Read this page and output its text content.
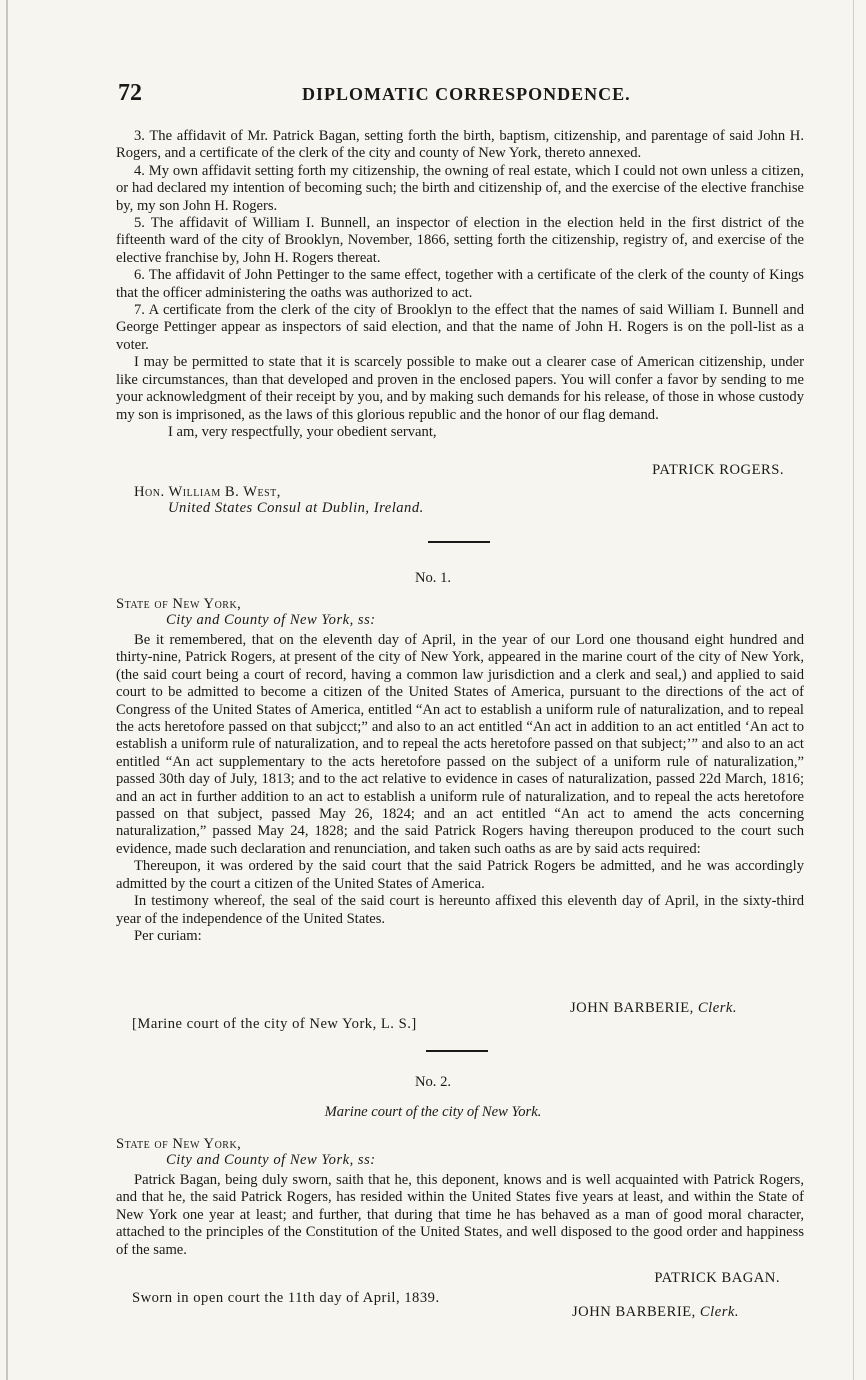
72	DIPLOMATIC CORRESPONDENCE.

3. The affidavit of Mr. Patrick Bagan, setting forth the birth, baptism, citizenship, and parentage of said John H. Rogers, and a certificate of the clerk of the city and county of New York, thereto annexed.

4. My own affidavit setting forth my citizenship, the owning of real estate, which I could not own unless a citizen, or had declared my intention of becoming such; the birth and citizenship of, and the exercise of the elective franchise by, my son John H. Rogers.

5. The affidavit of William I. Bunnell, an inspector of election in the election held in the first district of the fifteenth ward of the city of Brooklyn, November, 1866, setting forth the citizenship, registry of, and exercise of the elective franchise by, John H. Rogers thereat.

6. The affidavit of John Pettinger to the same effect, together with a certificate of the clerk of the county of Kings that the officer administering the oaths was authorized to act.

7. A certificate from the clerk of the city of Brooklyn to the effect that the names of said William I. Bunnell and George Pettinger appear as inspectors of said election, and that the name of John H. Rogers is on the poll-list as a voter.

I may be permitted to state that it is scarcely possible to make out a clearer case of American citizenship, under like circumstances, than that developed and proven in the enclosed papers. You will confer a favor by sending to me your acknowledgment of their receipt by you, and by making such demands for his release, of those in whose custody my son is imprisoned, as the laws of this glorious republic and the honor of our flag demand.

I am, very respectfully, your obedient servant,

PATRICK ROGERS.
Hon. William B. West,
United States Consul at Dublin, Ireland.
No. 1.
State of New York,
City and County of New York, ss:

Be it remembered, that on the eleventh day of April, in the year of our Lord one thousand eight hundred and thirty-nine, Patrick Rogers, at present of the city of New York, appeared in the marine court of the city of New York, (the said court being a court of record, having a common law jurisdiction and a clerk and seal,) and applied to said court to be admitted to become a citizen of the United States of America, pursuant to the directions of the act of Congress of the United States of America, entitled “An act to establish a uniform rule of naturalization, and to repeal the acts heretofore passed on that subjcct;” and also to an act entitled “An act in addition to an act entitled ‘An act to establish a uniform rule of naturalization, and to repeal the acts heretofore passed on that subject;’” and also to an act entitled “An act supplementary to the acts heretofore passed on the subject of a uniform rule of naturalization,” passed 30th day of July, 1813; and to the act relative to evidence in cases of naturalization, passed 22d March, 1816; and an act in further addition to an act to establish a uniform rule of naturalization, and to repeal the acts heretofore passed on that subject, passed May 26, 1824; and an act entitled “An act to amend the acts concerning naturalization,” passed May 24, 1828; and the said Patrick Rogers having thereupon produced to the court such evidence, made such declaration and renunciation, and taken such oaths as are by said acts required:

Thereupon, it was ordered by the said court that the said Patrick Rogers be admitted, and he was accordingly admitted by the court a citizen of the United States of America.

In testimony whereof, the seal of the said court is hereunto affixed this eleventh day of April, in the sixty-third year of the independence of the United States.

Per curiam:

JOHN BARBERIE, Clerk.
[Marine court of the city of New York, L. S.]
No. 2.
Marine court of the city of New York.
State of New York,
City and County of New York, ss:

Patrick Bagan, being duly sworn, saith that he, this deponent, knows and is well acquainted with Patrick Rogers, and that he, the said Patrick Rogers, has resided within the United States five years at least, and within the State of New York one year at least; and further, that during that time he has behaved as a man of good moral character, attached to the principles of the Constitution of the United States, and well disposed to the good order and happiness of the same.

PATRICK BAGAN.
Sworn in open court the 11th day of April, 1839.
JOHN BARBERIE, Clerk.
